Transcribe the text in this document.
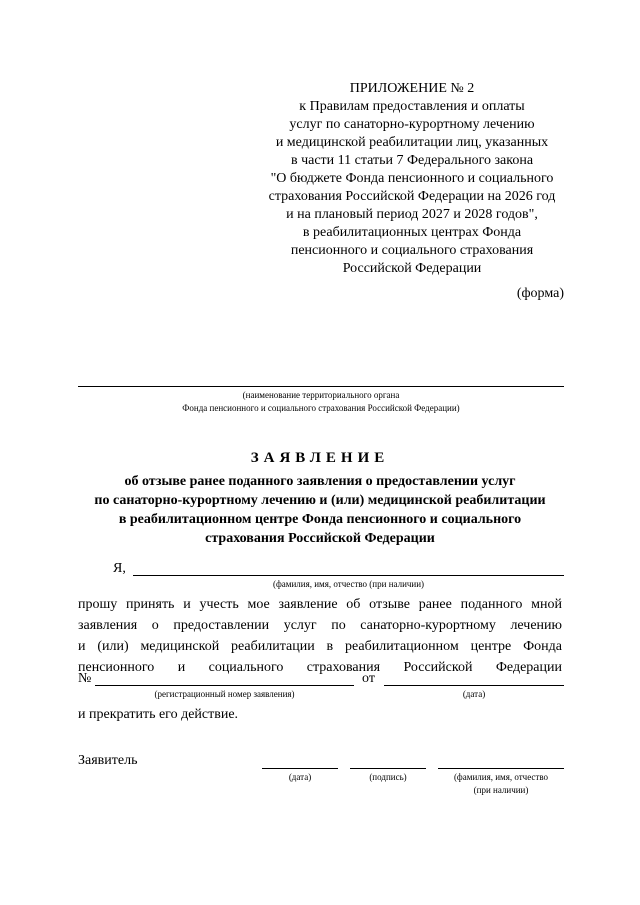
ПРИЛОЖЕНИЕ № 2
к Правилам предоставления и оплаты
услуг по санаторно-курортному лечению
и медицинской реабилитации лиц, указанных
в части 11 статьи 7 Федерального закона
"О бюджете Фонда пенсионного и социального
страхования Российской Федерации на 2026 год
и на плановый период 2027 и 2028 годов",
в реабилитационных центрах Фонда
пенсионного и социального страхования
Российской Федерации
(форма)
(наименование территориального органа
Фонда пенсионного и социального страхования Российской Федерации)
ЗАЯВЛЕНИЕ
об отзыве ранее поданного заявления о предоставлении услуг
по санаторно-курортному лечению и (или) медицинской реабилитации
в реабилитационном центре Фонда пенсионного и социального
страхования Российской Федерации
Я,
(фамилия, имя, отчество (при наличии)
прошу принять и учесть мое заявление об отзыве ранее поданного мной
заявления о предоставлении услуг по санаторно-курортному лечению
и (или) медицинской реабилитации в реабилитационном центре Фонда
пенсионного и социального страхования Российской Федерации
№	от
(регистрационный номер заявления)	(дата)
и прекратить его действие.
Заявитель
(дата)	(подпись)	(фамилия, имя, отчество
(при наличии)
